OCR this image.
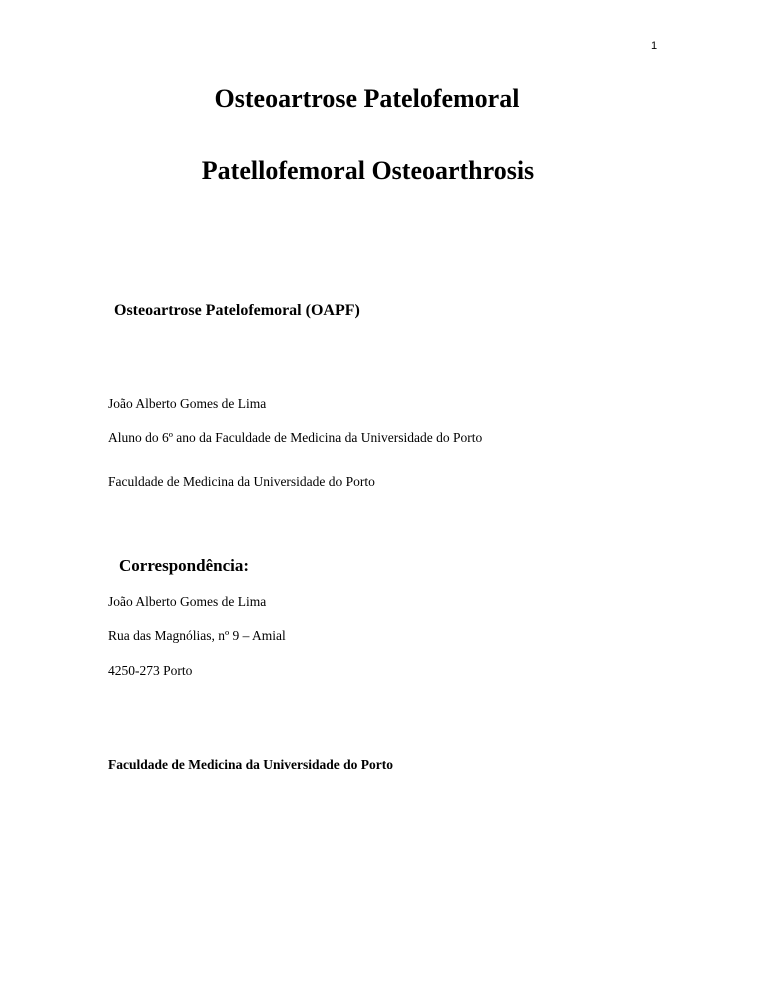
1
Osteoartrose Patelofemoral
Patellofemoral Osteoarthrosis
Osteoartrose Patelofemoral (OAPF)

João Alberto Gomes de Lima

Aluno do 6º ano da Faculdade de Medicina da Universidade do Porto

Faculdade de Medicina da Universidade do Porto

Correspondência:

João Alberto Gomes de Lima

Rua das Magnólias, nº 9 – Amial

4250-273 Porto

Faculdade de Medicina da Universidade do Porto
